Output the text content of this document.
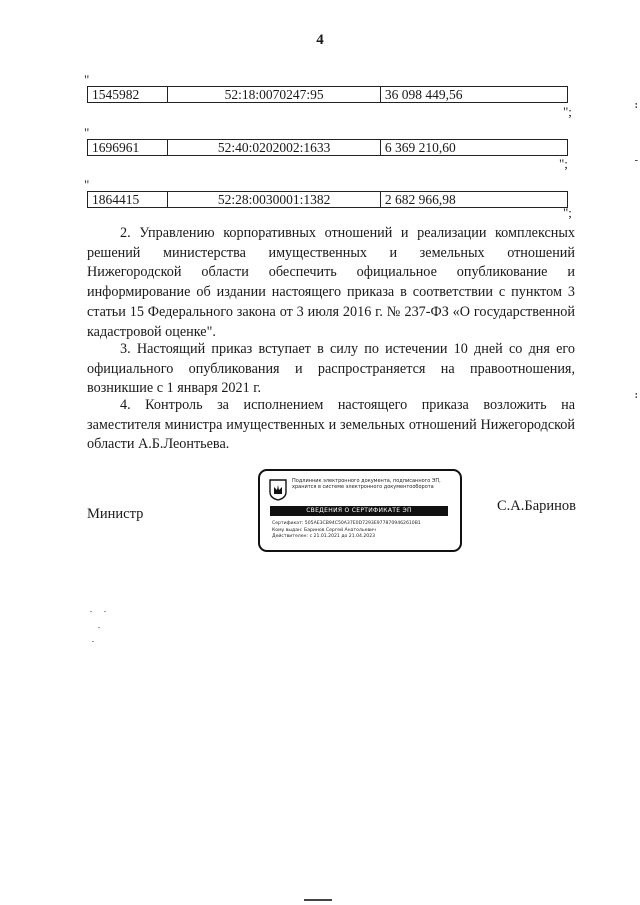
4
"
1545982	52:18:0070247:95	36 098 449,56
";
"
1696961	52:40:0202002:1633	6 369 210,60
";
"
1864415	52:28:0030001:1382	2 682 966,98
";
2. Управлению корпоративных отношений и реализации комплексных решений министерства имущественных и земельных отношений Нижегородской области обеспечить официальное опубликование и информирование об издании настоящего приказа в соответствии с пунктом 3 статьи 15 Федерального закона от 3 июля 2016 г. № 237-ФЗ «О государственной кадастровой оценке".
3. Настоящий приказ вступает в силу по истечении 10 дней со дня его официального опубликования и распространяется на правоотношения, возникшие с 1 января 2021 г.
4. Контроль за исполнением настоящего приказа возложить на заместителя министра имущественных и земельных отношений Нижегородской области А.Б.Леонтьева.
Министр	С.А.Баринов
Подлинник электронного документа, подписанного ЭП, хранится в системе электронного документооборота
СВЕДЕНИЯ О СЕРТИФИКАТЕ ЭП
Сертификат: 505AE3CB94C50A37E0D7293E9778709462610B1
Кому выдан: Баринов Сергей Анатольевич
Действителен: с 21.01.2021 до 21.04.2023
:
-
:
